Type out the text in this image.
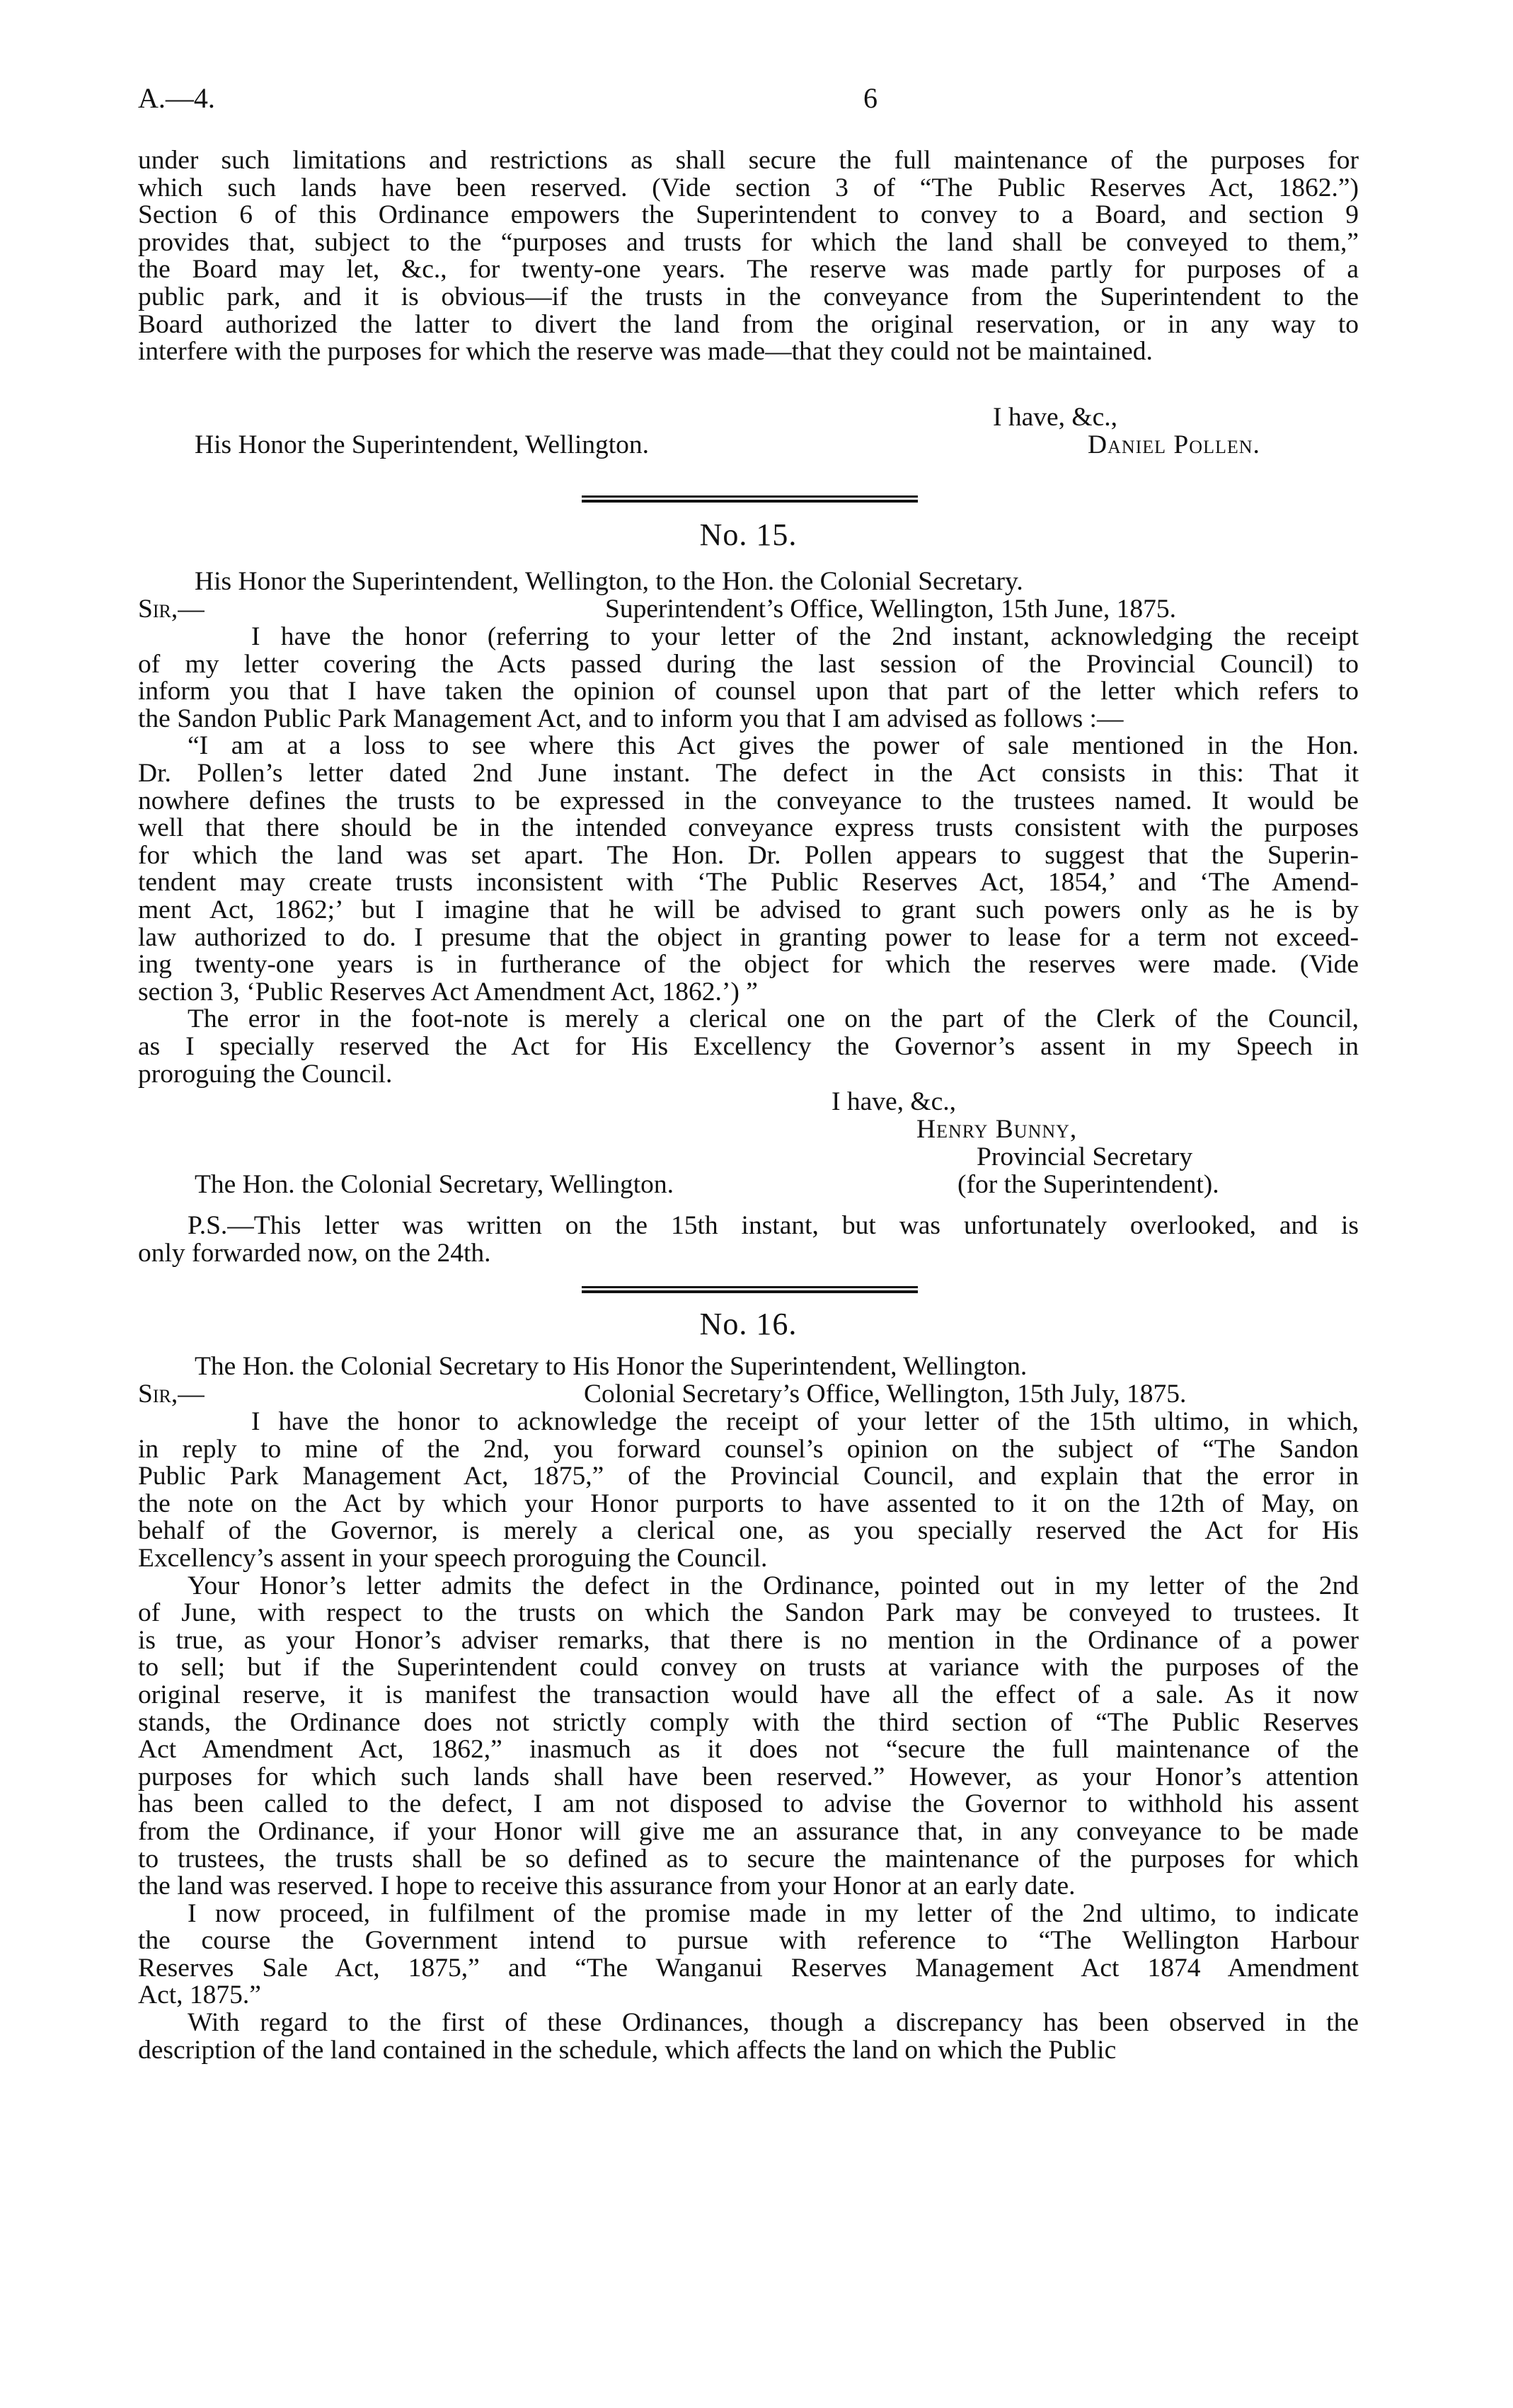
A.—4.	6

under such limitations and restrictions as shall secure the full maintenance of the purposes for
which such lands have been reserved. (Vide section 3 of “The Public Reserves Act, 1862.”)
Section 6 of this Ordinance empowers the Superintendent to convey to a Board, and section 9
provides that, subject to the “purposes and trusts for which the land shall be conveyed to them,”
the Board may let, &c., for twenty-one years. The reserve was made partly for purposes of a
public park, and it is obvious—if the trusts in the conveyance from the Superintendent to the
Board authorized the latter to divert the land from the original reservation, or in any way to
interfere with the purposes for which the reserve was made—that they could not be maintained.

I have, &c.,
His Honor the Superintendent, Wellington.	Daniel Pollen.
No. 15.
His Honor the Superintendent, Wellington, to the Hon. the Colonial Secretary.
Sir,—	Superintendent’s Office, Wellington, 15th June, 1875.

I have the honor (referring to your letter of the 2nd instant, acknowledging the receipt
of my letter covering the Acts passed during the last session of the Provincial Council) to
inform you that I have taken the opinion of counsel upon that part of the letter which refers to
the Sandon Public Park Management Act, and to inform you that I am advised as follows :—

“I am at a loss to see where this Act gives the power of sale mentioned in the Hon.
Dr. Pollen’s letter dated 2nd June instant. The defect in the Act consists in this: That it
nowhere defines the trusts to be expressed in the conveyance to the trustees named. It would be
well that there should be in the intended conveyance express trusts consistent with the purposes
for which the land was set apart. The Hon. Dr. Pollen appears to suggest that the Superin-
tendent may create trusts inconsistent with ‘The Public Reserves Act, 1854,’ and ‘The Amend-
ment Act, 1862;’ but I imagine that he will be advised to grant such powers only as he is by
law authorized to do. I presume that the object in granting power to lease for a term not exceed-
ing twenty-one years is in furtherance of the object for which the reserves were made. (Vide
section 3, ‘Public Reserves Act Amendment Act, 1862.’) ”

The error in the foot-note is merely a clerical one on the part of the Clerk of the Council,
as I specially reserved the Act for His Excellency the Governor’s assent in my Speech in
proroguing the Council.

I have, &c.,
Henry Bunny,
Provincial Secretary
The Hon. the Colonial Secretary, Wellington.	(for the Superintendent).

P.S.—This letter was written on the 15th instant, but was unfortunately overlooked, and is
only forwarded now, on the 24th.

No. 16.
The Hon. the Colonial Secretary to His Honor the Superintendent, Wellington.
Sir,—	Colonial Secretary’s Office, Wellington, 15th July, 1875.

I have the honor to acknowledge the receipt of your letter of the 15th ultimo, in which,
in reply to mine of the 2nd, you forward counsel’s opinion on the subject of “The Sandon
Public Park Management Act, 1875,” of the Provincial Council, and explain that the error in
the note on the Act by which your Honor purports to have assented to it on the 12th of May, on
behalf of the Governor, is merely a clerical one, as you specially reserved the Act for His
Excellency’s assent in your speech proroguing the Council.

Your Honor’s letter admits the defect in the Ordinance, pointed out in my letter of the 2nd
of June, with respect to the trusts on which the Sandon Park may be conveyed to trustees. It
is true, as your Honor’s adviser remarks, that there is no mention in the Ordinance of a power
to sell; but if the Superintendent could convey on trusts at variance with the purposes of the
original reserve, it is manifest the transaction would have all the effect of a sale. As it now
stands, the Ordinance does not strictly comply with the third section of “The Public Reserves
Act Amendment Act, 1862,” inasmuch as it does not “secure the full maintenance of the
purposes for which such lands shall have been reserved.” However, as your Honor’s attention
has been called to the defect, I am not disposed to advise the Governor to withhold his assent
from the Ordinance, if your Honor will give me an assurance that, in any conveyance to be made
to trustees, the trusts shall be so defined as to secure the maintenance of the purposes for which
the land was reserved. I hope to receive this assurance from your Honor at an early date.

I now proceed, in fulfilment of the promise made in my letter of the 2nd ultimo, to indicate
the course the Government intend to pursue with reference to “The Wellington Harbour
Reserves Sale Act, 1875,” and “The Wanganui Reserves Management Act 1874 Amendment
Act, 1875.”

With regard to the first of these Ordinances, though a discrepancy has been observed in the
description of the land contained in the schedule, which affects the land on which the Public
